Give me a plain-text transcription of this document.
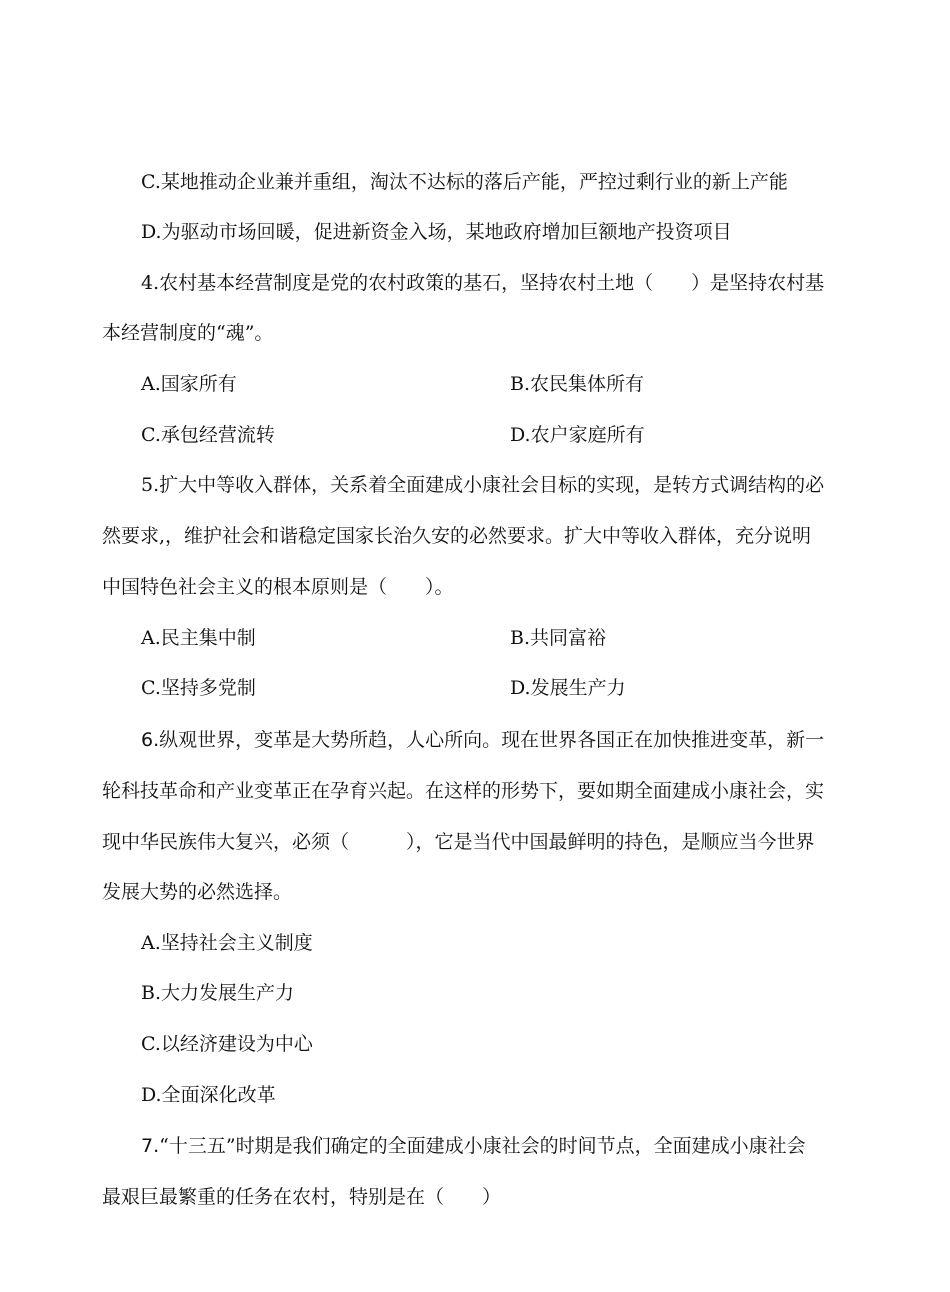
C.某地推动企业兼并重组，淘汰不达标的落后产能，严控过剩行业的新上产能
D.为驱动市场回暖，促进新资金入场，某地政府增加巨额地产投资项目
4.农村基本经营制度是党的农村政策的基石，坚持农村土地（　　）是坚持农村基
本经营制度的“魂”。
A.国家所有	B.农民集体所有
C.承包经营流转	D.农户家庭所有
5.扩大中等收入群体，关系着全面建成小康社会目标的实现，是转方式调结构的必
然要求,，维护社会和谐稳定国家长治久安的必然要求。扩大中等收入群体，充分说明
中国特色社会主义的根本原则是（　　）。
A.民主集中制	B.共同富裕
C.坚持多党制	D.发展生产力
6.纵观世界，变革是大势所趋，人心所向。现在世界各国正在加快推进变革，新一
轮科技革命和产业变革正在孕育兴起。在这样的形势下，要如期全面建成小康社会，实
现中华民族伟大复兴，必须（　　　），它是当代中国最鲜明的持色，是顺应当今世界
发展大势的必然选择。
A.坚持社会主义制度
B.大力发展生产力
C.以经济建设为中心
D.全面深化改革
7.“十三五”时期是我们确定的全面建成小康社会的时间节点，全面建成小康社会
最艰巨最繁重的任务在农村，特别是在（　　）
